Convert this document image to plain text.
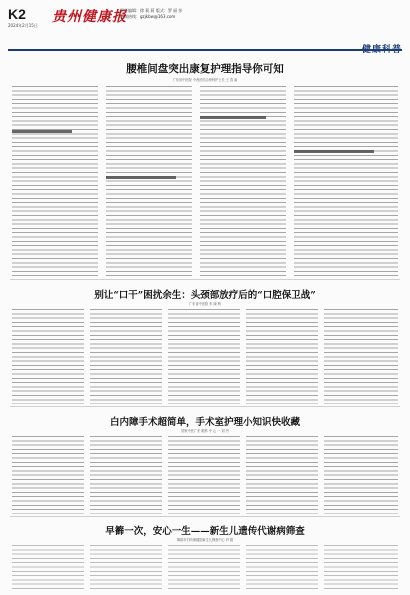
K2
2024年2月15日
贵州健康报
责任编辑：徐 莉 莉 版式：罗 丽 莎
新闻热线：gzjkbw@163.com
腰椎间盘突出康复护理指导你可知
广东省中医院 中西医结合骨科护士长 王 春 丽
别让“口干”困扰余生：头颈部放疗后的“口腔保卫战”
广东省中医院 朱 晓 利
白内障手术超简单，手术室护理小知识快收藏
国家中医广东 眼科 中 心 一 刘 丹
早籂一次，安心一生——新生儿遗传代谢病筛查
揭阳市妇幼保健院新生儿筛查中心 肖 娟
